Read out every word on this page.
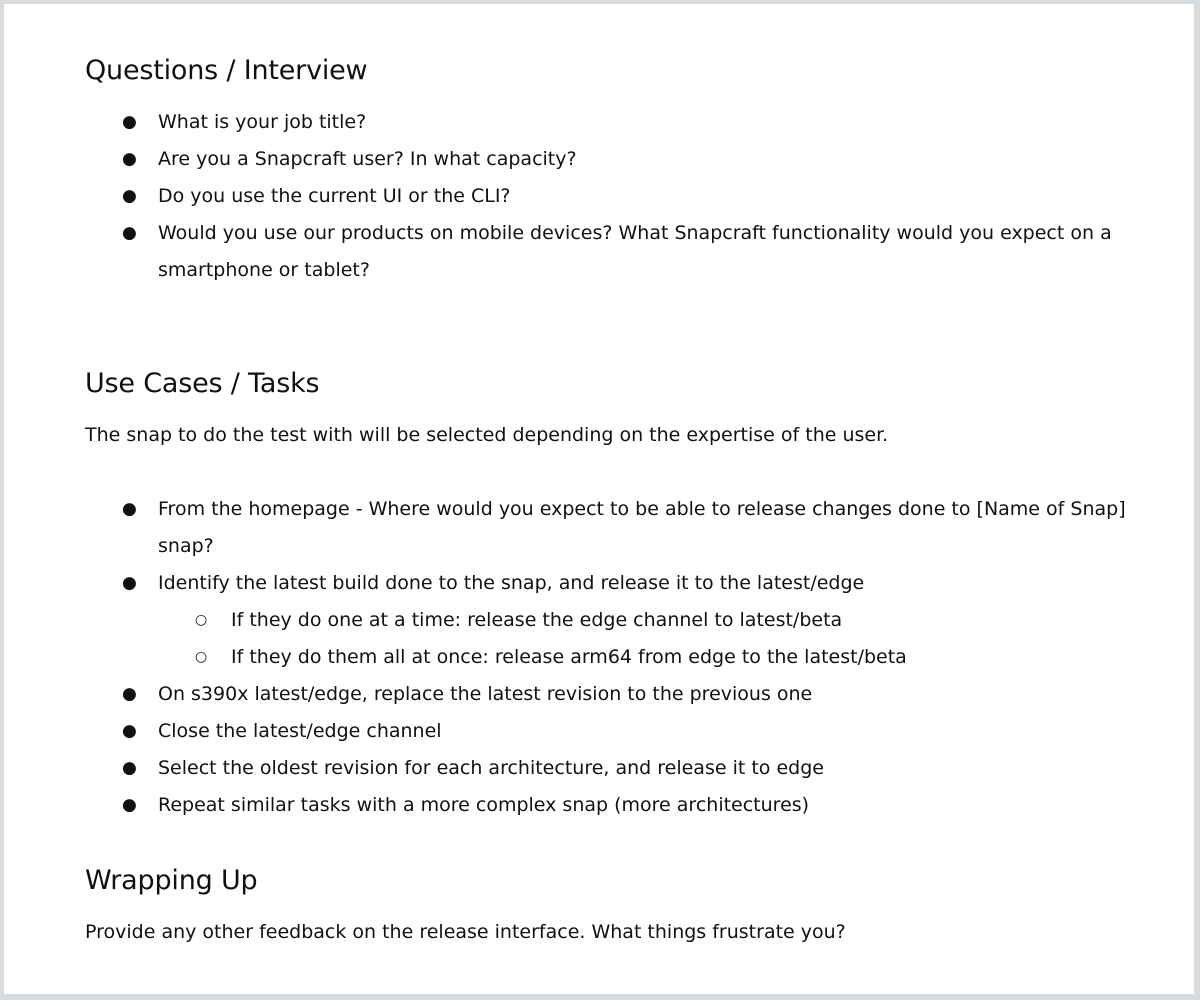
Questions / Interview
● What is your job title?
● Are you a Snapcraft user? In what capacity?
● Do you use the current UI or the CLI?
● Would you use our products on mobile devices? What Snapcraft functionality would you expect on a smartphone or tablet?
Use Cases / Tasks

The snap to do the test with will be selected depending on the expertise of the user.

● From the homepage - Where would you expect to be able to release changes done to [Name of Snap] snap?
● Identify the latest build done to the snap, and release it to the latest/edge
○ If they do one at a time: release the edge channel to latest/beta
○ If they do them all at once: release arm64 from edge to the latest/beta
● On s390x latest/edge, replace the latest revision to the previous one
● Close the latest/edge channel
● Select the oldest revision for each architecture, and release it to edge
● Repeat similar tasks with a more complex snap (more architectures)
Wrapping Up

Provide any other feedback on the release interface. What things frustrate you?
